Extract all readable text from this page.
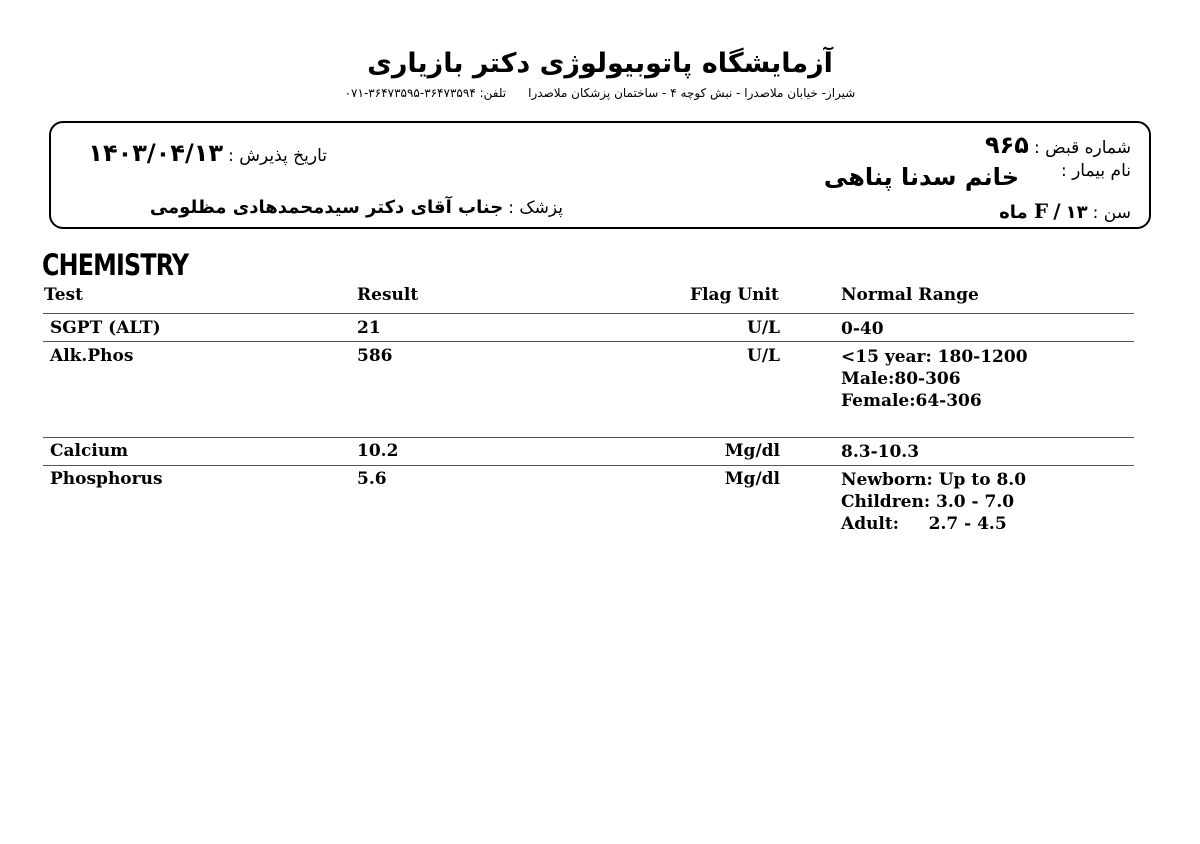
آزمایشگاه پاتوبیولوژی دکتر بازیاری
شیراز- خیابان ملاصدرا - نبش کوچه ۴ - ساختمان پزشکان ملاصدراتلفن: ۳۶۴۷۳۵۹۴-۳۶۴۷۳۵۹۵-۰۷۱
شماره قبض : ۹۶۵
نام بیمار :
خانم سدنا پناهی
سن : F / ۱۳ ماه
تاریخ پذیرش : ۱۴۰۳/۰۴/۱۳
پزشک : جناب آقای دکتر سیدمحمدهادی مظلومی
CHEMISTRY
Test	Result	Flag Unit	Normal Range
SGPT (ALT)	21	U/L	0-40
Alk.Phos	586	U/L	<15 year: 180-1200
Male:80-306
Female:64-306
Calcium	10.2	Mg/dl	8.3-10.3
Phosphorus	5.6	Mg/dl	Newborn: Up to 8.0
Children: 3.0 - 7.0
Adult:     2.7 - 4.5
